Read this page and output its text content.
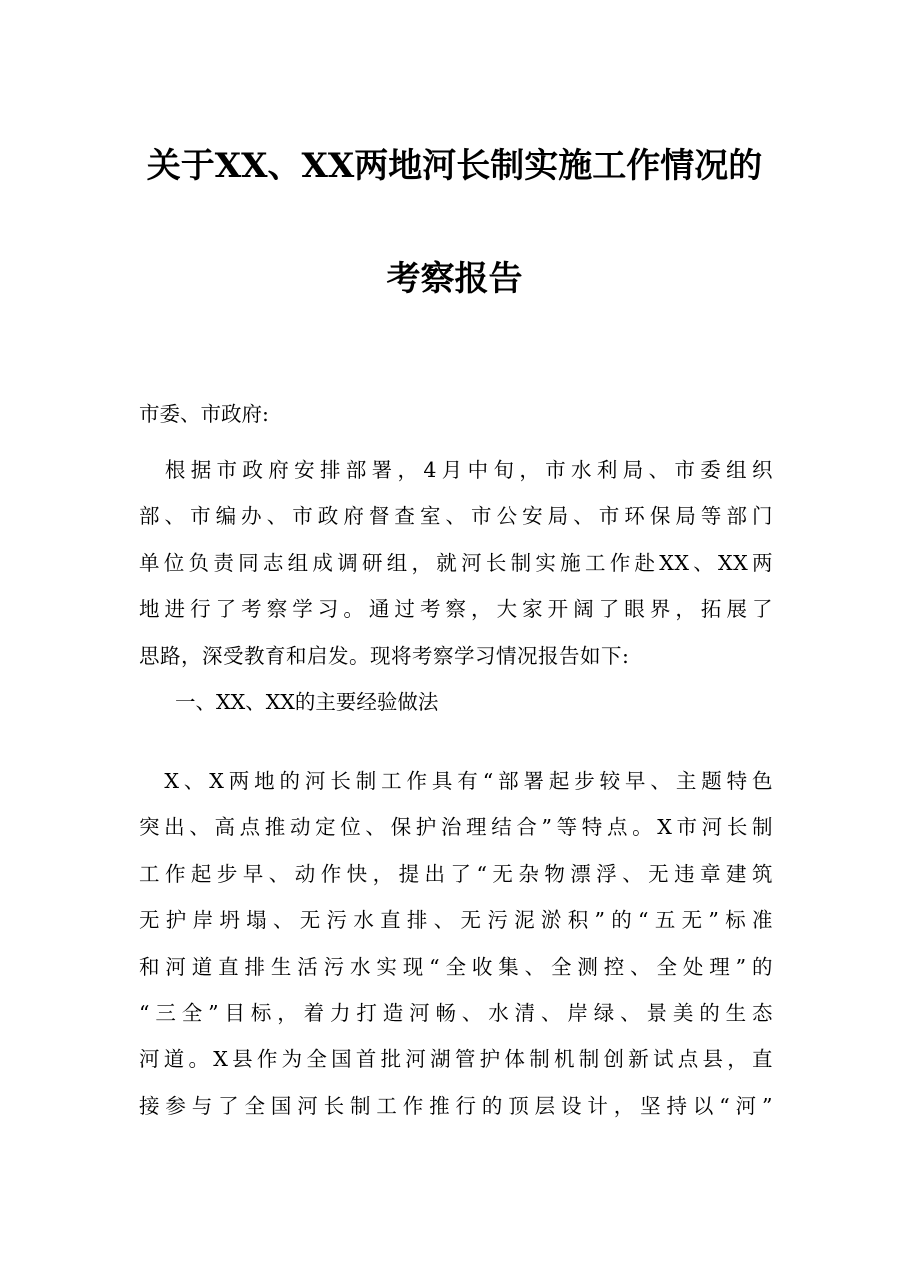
关于XX、XX两地河长制实施工作情况的
考察报告

市委、市政府:

　根据市政府安排部署，4月中旬，市水利局、市委组织
部、市编办、市政府督查室、市公安局、市环保局等部门
单位负责同志组成调研组，就河长制实施工作赴XX、XX两
地进行了考察学习。通过考察，大家开阔了眼界，拓展了
思路，深受教育和启发。现将考察学习情况报告如下:

一、XX、XX的主要经验做法

　X、X两地的河长制工作具有“部署起步较早、主题特色
突出、高点推动定位、保护治理结合”等特点。X市河长制
工作起步早、动作快，提出了“无杂物漂浮、无违章建筑
无护岸坍塌、无污水直排、无污泥淤积”的“五无”标准
和河道直排生活污水实现“全收集、全测控、全处理”的
“三全”目标，着力打造河畅、水清、岸绿、景美的生态
河道。X县作为全国首批河湖管护体制机制创新试点县，直
接参与了全国河长制工作推行的顶层设计，坚持以“河”
